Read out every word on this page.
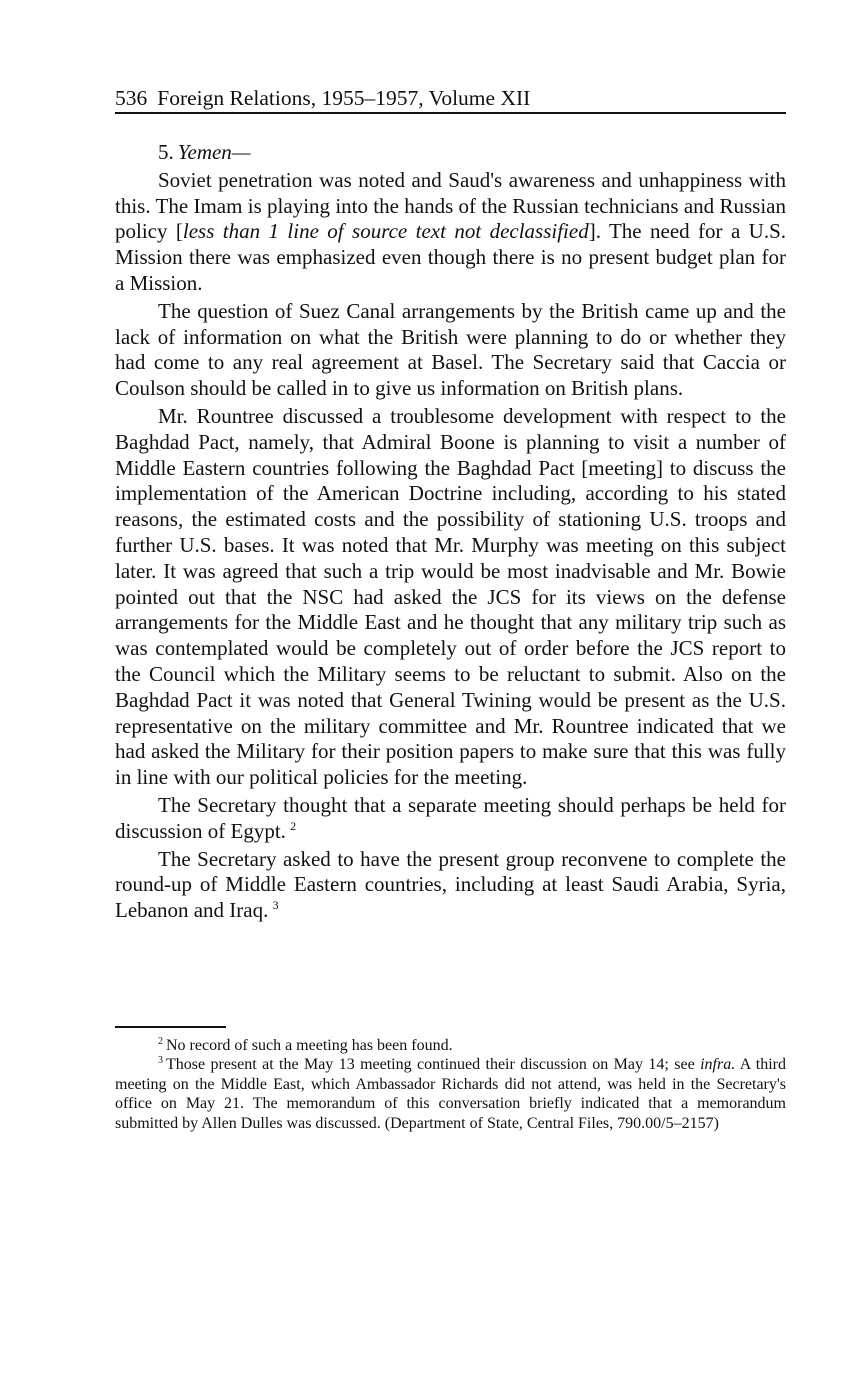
536 Foreign Relations, 1955–1957, Volume XII
5. Yemen—

Soviet penetration was noted and Saud's awareness and unhappiness with this. The Imam is playing into the hands of the Russian technicians and Russian policy [less than 1 line of source text not declassified]. The need for a U.S. Mission there was emphasized even though there is no present budget plan for a Mission.

The question of Suez Canal arrangements by the British came up and the lack of information on what the British were planning to do or whether they had come to any real agreement at Basel. The Secretary said that Caccia or Coulson should be called in to give us information on British plans.

Mr. Rountree discussed a troublesome development with respect to the Baghdad Pact, namely, that Admiral Boone is planning to visit a number of Middle Eastern countries following the Baghdad Pact [meeting] to discuss the implementation of the American Doctrine including, according to his stated reasons, the estimated costs and the possibility of stationing U.S. troops and further U.S. bases. It was noted that Mr. Murphy was meeting on this subject later. It was agreed that such a trip would be most inadvisable and Mr. Bowie pointed out that the NSC had asked the JCS for its views on the defense arrangements for the Middle East and he thought that any military trip such as was contemplated would be completely out of order before the JCS report to the Council which the Military seems to be reluctant to submit. Also on the Baghdad Pact it was noted that General Twining would be present as the U.S. representative on the military committee and Mr. Rountree indicated that we had asked the Military for their position papers to make sure that this was fully in line with our political policies for the meeting.

The Secretary thought that a separate meeting should perhaps be held for discussion of Egypt.  $^2$

The Secretary asked to have the present group reconvene to complete the round-up of Middle Eastern countries, including at least Saudi Arabia, Syria, Lebanon and Iraq.  $^3$

$^2$ No record of such a meeting has been found.

$^3$ Those present at the May 13 meeting continued their discussion on May 14; see infra. A third meeting on the Middle East, which Ambassador Richards did not attend, was held in the Secretary's office on May 21. The memorandum of this conversation briefly indicated that a memorandum submitted by Allen Dulles was discussed. (Department of State, Central Files, 790.00/5–2157)
